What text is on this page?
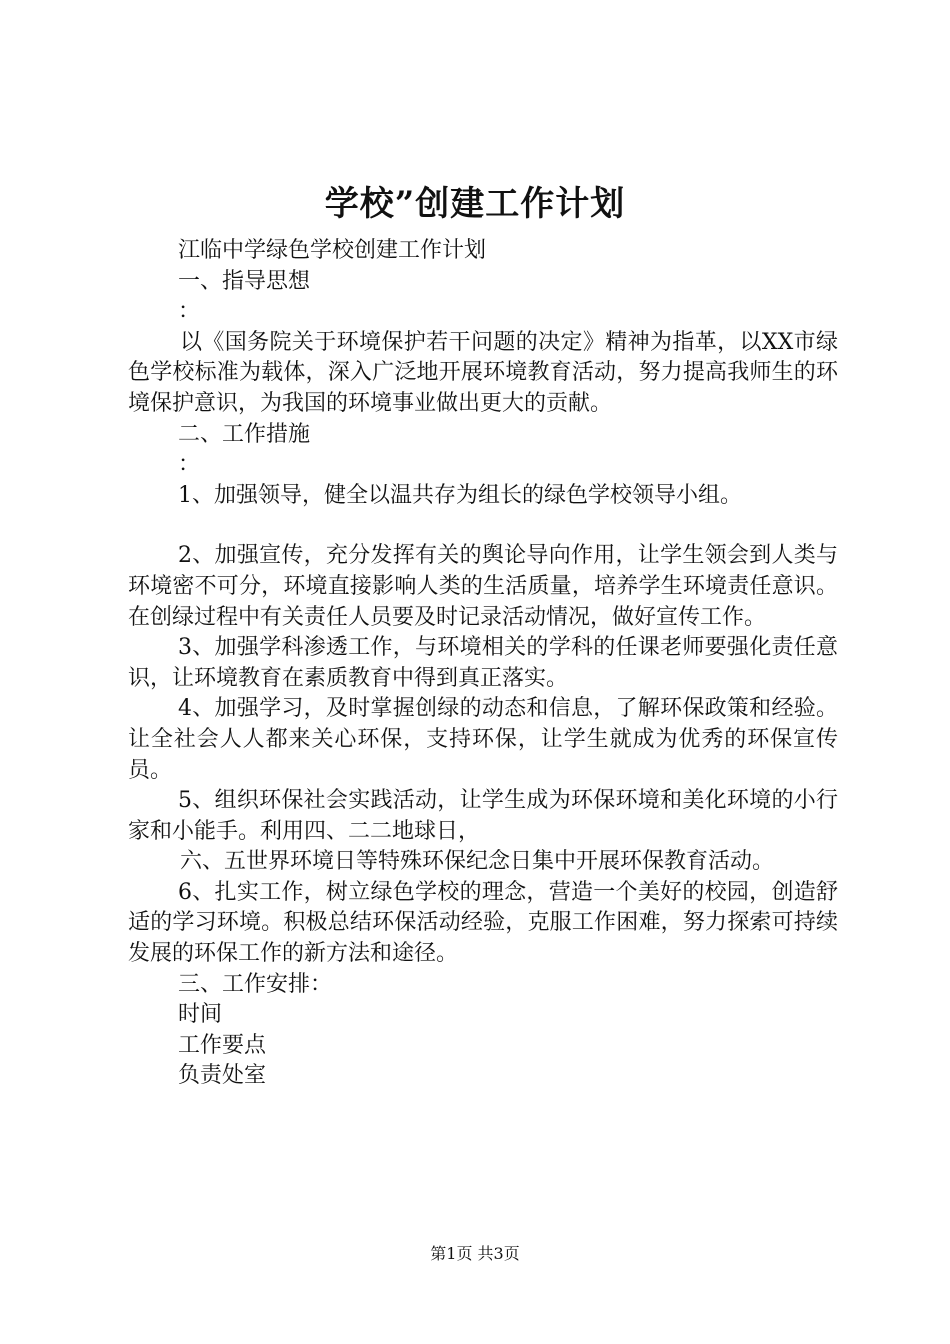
学校”创建工作计划

江临中学绿色学校创建工作计划

一、指导思想

：

以《国务院关于环境保护若干问题的决定》精神为指革，以XX市绿色学校标准为载体，深入广泛地开展环境教育活动，努力提高我师生的环境保护意识，为我国的环境事业做出更大的贡献。

二、工作措施

：

1、加强领导，健全以温共存为组长的绿色学校领导小组。

2、加强宣传，充分发挥有关的舆论导向作用，让学生领会到人类与环境密不可分，环境直接影响人类的生活质量，培养学生环境责任意识。在创绿过程中有关责任人员要及时记录活动情况，做好宣传工作。

3、加强学科渗透工作，与环境相关的学科的任课老师要强化责任意识，让环境教育在素质教育中得到真正落实。

4、加强学习，及时掌握创绿的动态和信息，了解环保政策和经验。让全社会人人都来关心环保，支持环保，让学生就成为优秀的环保宣传员。

5、组织环保社会实践活动，让学生成为环保环境和美化环境的小行家和小能手。利用四、二二地球日，

六、五世界环境日等特殊环保纪念日集中开展环保教育活动。

6、扎实工作，树立绿色学校的理念，营造一个美好的校园，创造舒适的学习环境。积极总结环保活动经验，克服工作困难，努力探索可持续发展的环保工作的新方法和途径。

三、工作安排：

时间

工作要点

负责处室

第1页 共3页
